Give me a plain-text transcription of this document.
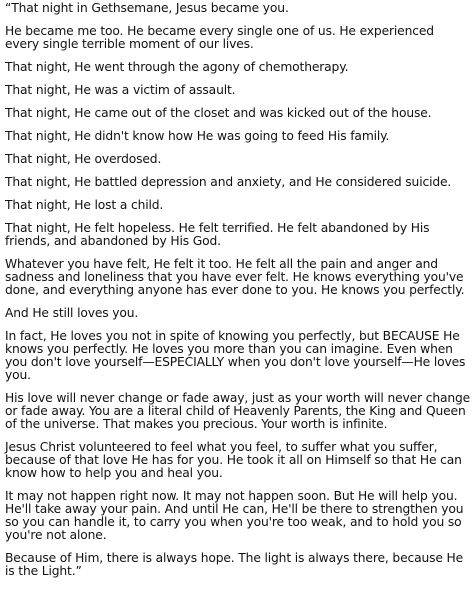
“That night in Gethsemane, Jesus became you.

He became me too. He became every single one of us. He experienced every single terrible moment of our lives.

That night, He went through the agony of chemotherapy.

That night, He was a victim of assault.

That night, He came out of the closet and was kicked out of the house.

That night, He didn't know how He was going to feed His family.

That night, He overdosed.

That night, He battled depression and anxiety, and He considered suicide.

That night, He lost a child.

That night, He felt hopeless. He felt terrified. He felt abandoned by His friends, and abandoned by His God.

Whatever you have felt, He felt it too. He felt all the pain and anger and sadness and loneliness that you have ever felt. He knows everything you've done, and everything anyone has ever done to you. He knows you perfectly.

And He still loves you.

In fact, He loves you not in spite of knowing you perfectly, but BECAUSE He knows you perfectly. He loves you more than you can imagine. Even when you don't love yourself—ESPECIALLY when you don't love yourself—He loves you.

His love will never change or fade away, just as your worth will never change or fade away. You are a literal child of Heavenly Parents, the King and Queen of the universe. That makes you precious. Your worth is infinite.

Jesus Christ volunteered to feel what you feel, to suffer what you suffer, because of that love He has for you. He took it all on Himself so that He can know how to help you and heal you.

It may not happen right now. It may not happen soon. But He will help you. He'll take away your pain. And until He can, He'll be there to strengthen you so you can handle it, to carry you when you're too weak, and to hold you so you're not alone.

Because of Him, there is always hope. The light is always there, because He is the Light.”
